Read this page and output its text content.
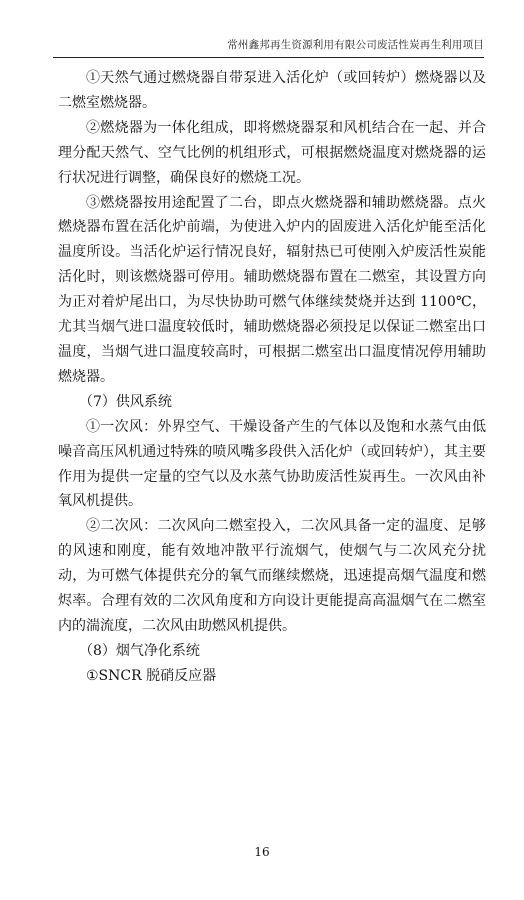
常州鑫邦再生资源利用有限公司废活性炭再生利用项目

①天然气通过燃烧器自带泵进入活化炉（或回转炉）燃烧器以及二燃室燃烧器。

②燃烧器为一体化组成，即将燃烧器泵和风机结合在一起、并合理分配天然气、空气比例的机组形式，可根据燃烧温度对燃烧器的运行状况进行调整，确保良好的燃烧工况。

③燃烧器按用途配置了二台，即点火燃烧器和辅助燃烧器。点火燃烧器布置在活化炉前端，为使进入炉内的固废进入活化炉能至活化温度所设。当活化炉运行情况良好，辐射热已可使刚入炉废活性炭能活化时，则该燃烧器可停用。辅助燃烧器布置在二燃室，其设置方向为正对着炉尾出口，为尽快协助可燃气体继续焚烧并达到 1100℃，尤其当烟气进口温度较低时，辅助燃烧器必须投足以保证二燃室出口温度，当烟气进口温度较高时，可根据二燃室出口温度情况停用辅助燃烧器。

（7）供风系统

①一次风：外界空气、干燥设备产生的气体以及饱和水蒸气由低噪音高压风机通过特殊的喷风嘴多段供入活化炉（或回转炉），其主要作用为提供一定量的空气以及水蒸气协助废活性炭再生。一次风由补氧风机提供。

②二次风：二次风向二燃室投入，二次风具备一定的温度、足够的风速和刚度，能有效地冲散平行流烟气，使烟气与二次风充分扰动，为可燃气体提供充分的氧气而继续燃烧，迅速提高烟气温度和燃烬率。合理有效的二次风角度和方向设计更能提高高温烟气在二燃室内的湍流度，二次风由助燃风机提供。

（8）烟气净化系统

①SNCR 脱硝反应器

16
